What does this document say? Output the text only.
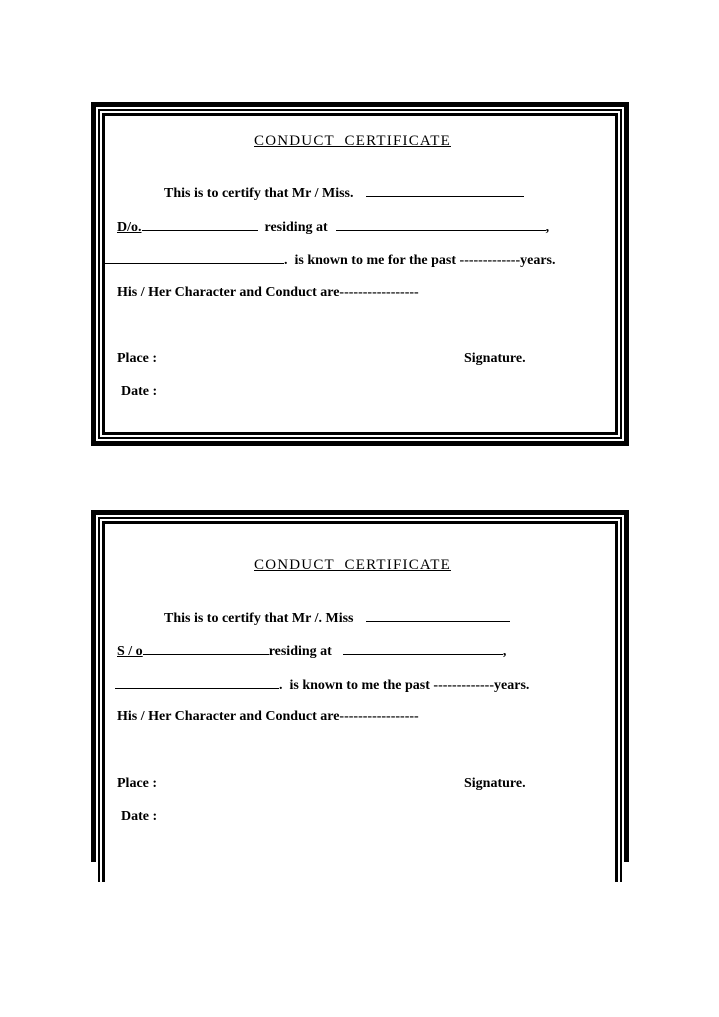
CONDUCT  CERTIFICATE
This is to certify that Mr / Miss.
D/o.	residing at	,
.  is known to me for the past -------------years.
His / Her Character and Conduct are-----------------
Place :	Signature.
Date :
CONDUCT  CERTIFICATE
This is to certify that Mr /. Miss
S / o	residing at	,
.  is known to me the past -------------years.
His / Her Character and Conduct are-----------------
Place :	Signature.
Date :
